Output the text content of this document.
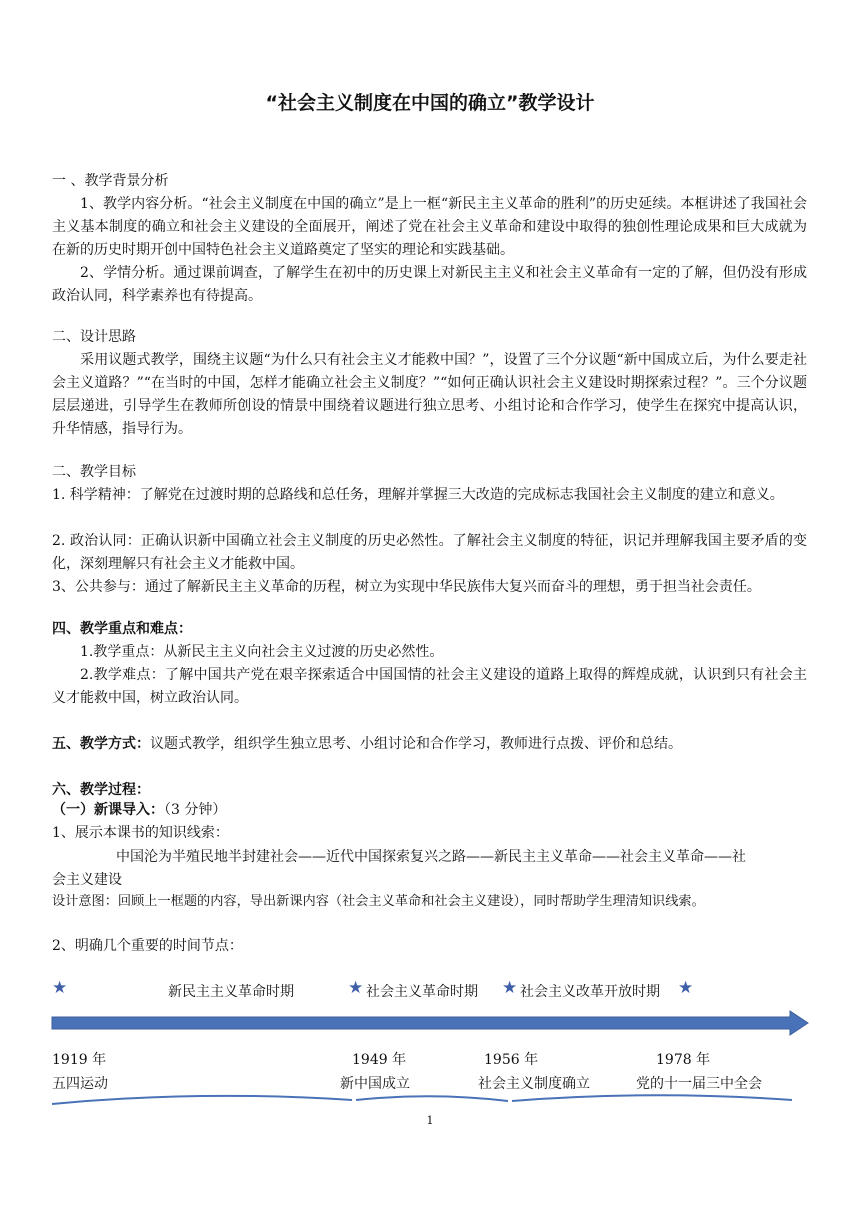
“社会主义制度在中国的确立”教学设计
一 、教学背景分析
1、教学内容分析。“社会主义制度在中国的确立”是上一框“新民主主义革命的胜利”的历史延续。本框讲述了我国社会主义基本制度的确立和社会主义建设的全面展开，阐述了党在社会主义革命和建设中取得的独创性理论成果和巨大成就为在新的历史时期开创中国特色社会主义道路奠定了坚实的理论和实践基础。
2、学情分析。通过课前调查，了解学生在初中的历史课上对新民主主义和社会主义革命有一定的了解，但仍没有形成政治认同，科学素养也有待提高。
二、设计思路
采用议题式教学，围绕主议题“为什么只有社会主义才能救中国？”，设置了三个分议题“新中国成立后，为什么要走社会主义道路？”“在当时的中国，怎样才能确立社会主义制度？”“如何正确认识社会主义建设时期探索过程？”。三个分议题层层递进，引导学生在教师所创设的情景中围绕着议题进行独立思考、小组讨论和合作学习，使学生在探究中提高认识，升华情感，指导行为。
二、教学目标
1. 科学精神：了解党在过渡时期的总路线和总任务，理解并掌握三大改造的完成标志我国社会主义制度的建立和意义。
2. 政治认同：正确认识新中国确立社会主义制度的历史必然性。了解社会主义制度的特征，识记并理解我国主要矛盾的变化，深刻理解只有社会主义才能救中国。
3、公共参与：通过了解新民主主义革命的历程，树立为实现中华民族伟大复兴而奋斗的理想，勇于担当社会责任。
四、教学重点和难点：
1.教学重点：从新民主主义向社会主义过渡的历史必然性。
2.教学难点：了解中国共产党在艰辛探索适合中国国情的社会主义建设的道路上取得的辉煌成就，认识到只有社会主义才能救中国，树立政治认同。
五、教学方式：议题式教学，组织学生独立思考、小组讨论和合作学习，教师进行点拨、评价和总结。
六、教学过程：
（一）新课导入：（3 分钟）
1、展示本课书的知识线索：
中国沦为半殖民地半封建社会——近代中国探索复兴之路——新民主主义革命——社会主义革命——社
会主义建设
设计意图：回顾上一框题的内容，导出新课内容（社会主义革命和社会主义建设），同时帮助学生理清知识线索。
2、明确几个重要的时间节点：
★	新民主主义革命时期	★ 社会主义革命时期 ★ 社会主义改革开放时期 ★
1919 年	1949 年	1956 年	1978 年
五四运动	新中国成立	社会主义制度确立	党的十一届三中全会
1
